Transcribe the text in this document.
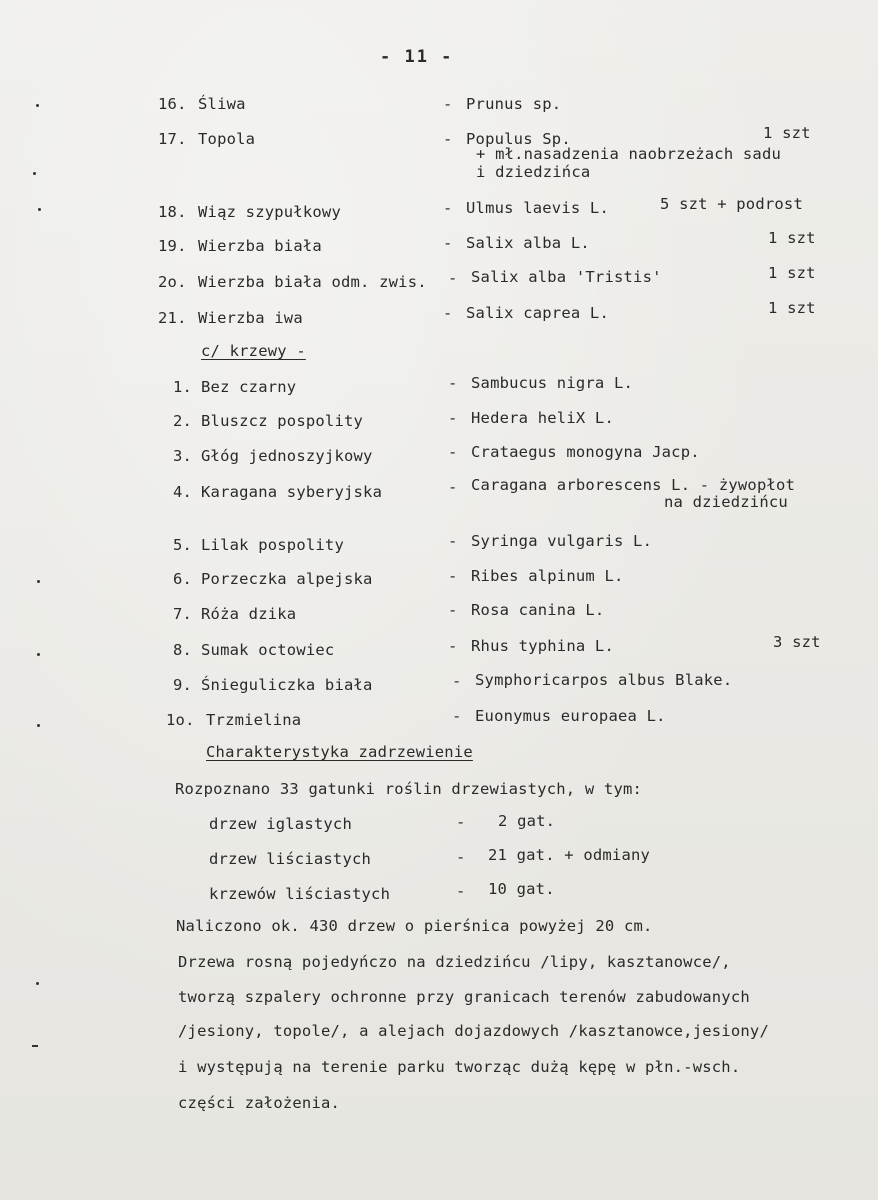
- 11 -
16. Śliwa	- Prunus sp.
17. Topola	- Populus Sp.	1 szt
+ mł.nasadzenia naobrzeżach sadu
i dziedzińca
18. Wiąz szypułkowy	- Ulmus laevis L.	5 szt + podrost
19. Wierzba biała	- Salix alba L.	1 szt
2o. Wierzba biała odm. zwis. - Salix alba 'Tristis'	1 szt
21. Wierzba iwa	- Salix caprea L.	1 szt
c/ krzewy -
1. Bez czarny	- Sambucus nigra L.
2. Bluszcz pospolity	- Hedera heliX L.
3. Głóg jednoszyjkowy	- Crataegus monogyna Jacp.
4. Karagana syberyjska	- Caragana arborescens L. - żywopłot
na dziedzińcu
5. Lilak pospolity	- Syringa vulgaris L.
6. Porzeczka alpejska	- Ribes alpinum L.
7. Róża dzika	- Rosa canina L.
8. Sumak octowiec	- Rhus typhina L.	3 szt
9. Śnieguliczka biała	- Symphoricarpos albus Blake.
1o. Trzmielina	- Euonymus europaea L.
Charakterystyka zadrzewienie
Rozpoznano 33 gatunki roślin drzewiastych, w tym:
drzew iglastych	- 2 gat.
drzew liściastych	- 21 gat. + odmiany
krzewów liściastych	- 10 gat.
Naliczono ok. 430 drzew o pierśnica powyżej 20 cm.
Drzewa rosną pojedyńczo na dziedzińcu /lipy, kasztanowce/,
tworzą szpalery ochronne przy granicach terenów zabudowanych
/jesiony, topole/, a alejach dojazdowych /kasztanowce,jesiony/
i występują na terenie parku tworząc dużą kępę w płn.-wsch.
części założenia.
